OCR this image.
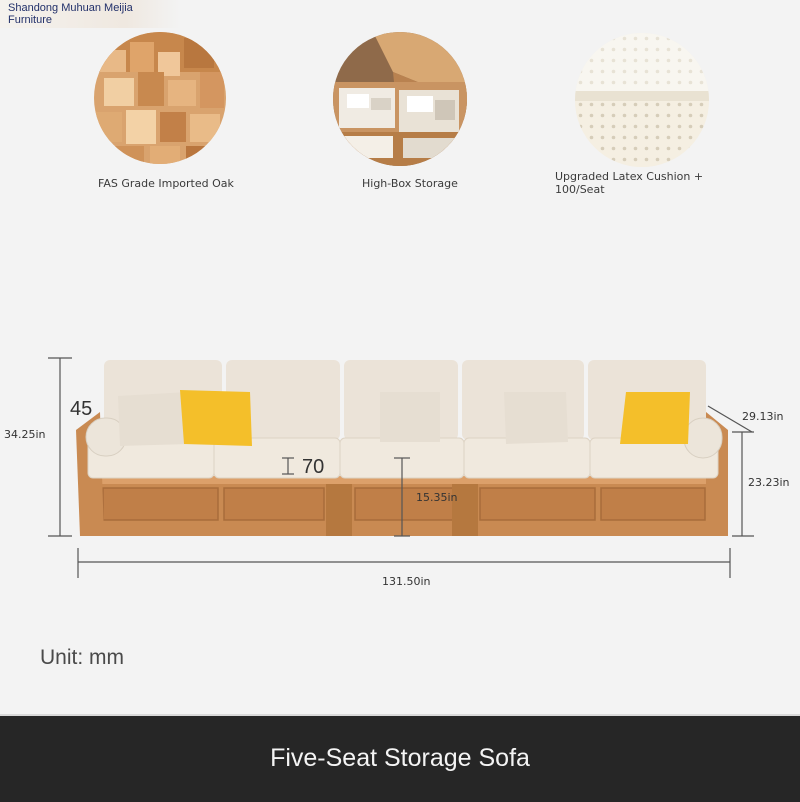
Shandong Muhuan Meijia
Furniture
FAS Grade Imported Oak	High-Box Storage
Upgraded Latex Cushion + 100/Seat
34.25in
45	29.13in
23.23in
70
15.35in
131.50in
Unit: mm
Five-Seat Storage Sofa
